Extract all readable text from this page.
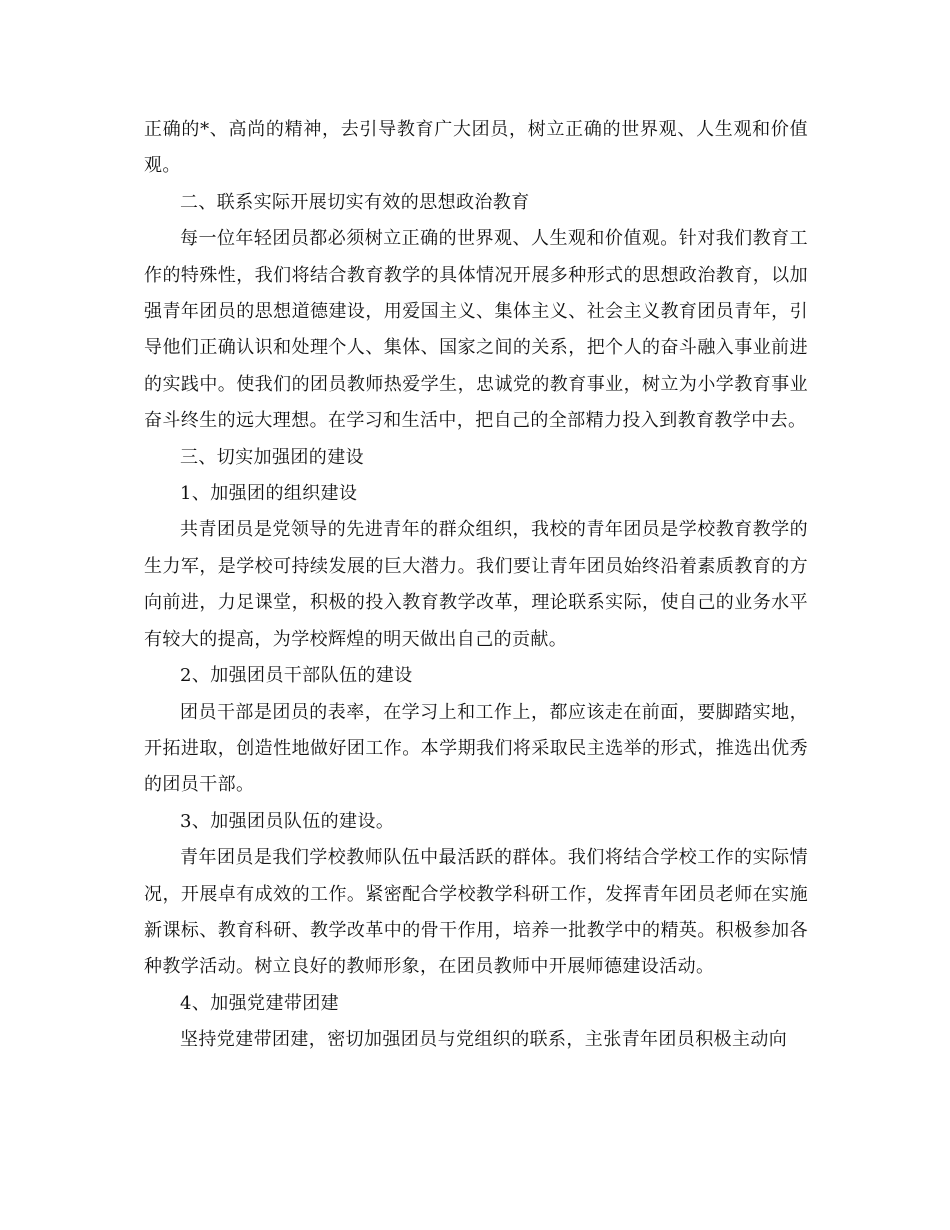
正确的*、高尚的精神，去引导教育广大团员，树立正确的世界观、人生观和价值观。

二、联系实际开展切实有效的思想政治教育

每一位年轻团员都必须树立正确的世界观、人生观和价值观。针对我们教育工作的特殊性，我们将结合教育教学的具体情况开展多种形式的思想政治教育，以加强青年团员的思想道德建设，用爱国主义、集体主义、社会主义教育团员青年，引导他们正确认识和处理个人、集体、国家之间的关系，把个人的奋斗融入事业前进的实践中。使我们的团员教师热爱学生，忠诚党的教育事业，树立为小学教育事业奋斗终生的远大理想。在学习和生活中，把自己的全部精力投入到教育教学中去。

三、切实加强团的建设

1、加强团的组织建设

共青团员是党领导的先进青年的群众组织，我校的青年团员是学校教育教学的生力军，是学校可持续发展的巨大潜力。我们要让青年团员始终沿着素质教育的方向前进，力足课堂，积极的投入教育教学改革，理论联系实际，使自己的业务水平有较大的提高，为学校辉煌的明天做出自己的贡献。

2、加强团员干部队伍的建设

团员干部是团员的表率，在学习上和工作上，都应该走在前面，要脚踏实地，开拓进取，创造性地做好团工作。本学期我们将采取民主选举的形式，推选出优秀的团员干部。

3、加强团员队伍的建设。

青年团员是我们学校教师队伍中最活跃的群体。我们将结合学校工作的实际情况，开展卓有成效的工作。紧密配合学校教学科研工作，发挥青年团员老师在实施新课标、教育科研、教学改革中的骨干作用，培养一批教学中的精英。积极参加各种教学活动。树立良好的教师形象，在团员教师中开展师德建设活动。

4、加强党建带团建

坚持党建带团建，密切加强团员与党组织的联系，主张青年团员积极主动向
